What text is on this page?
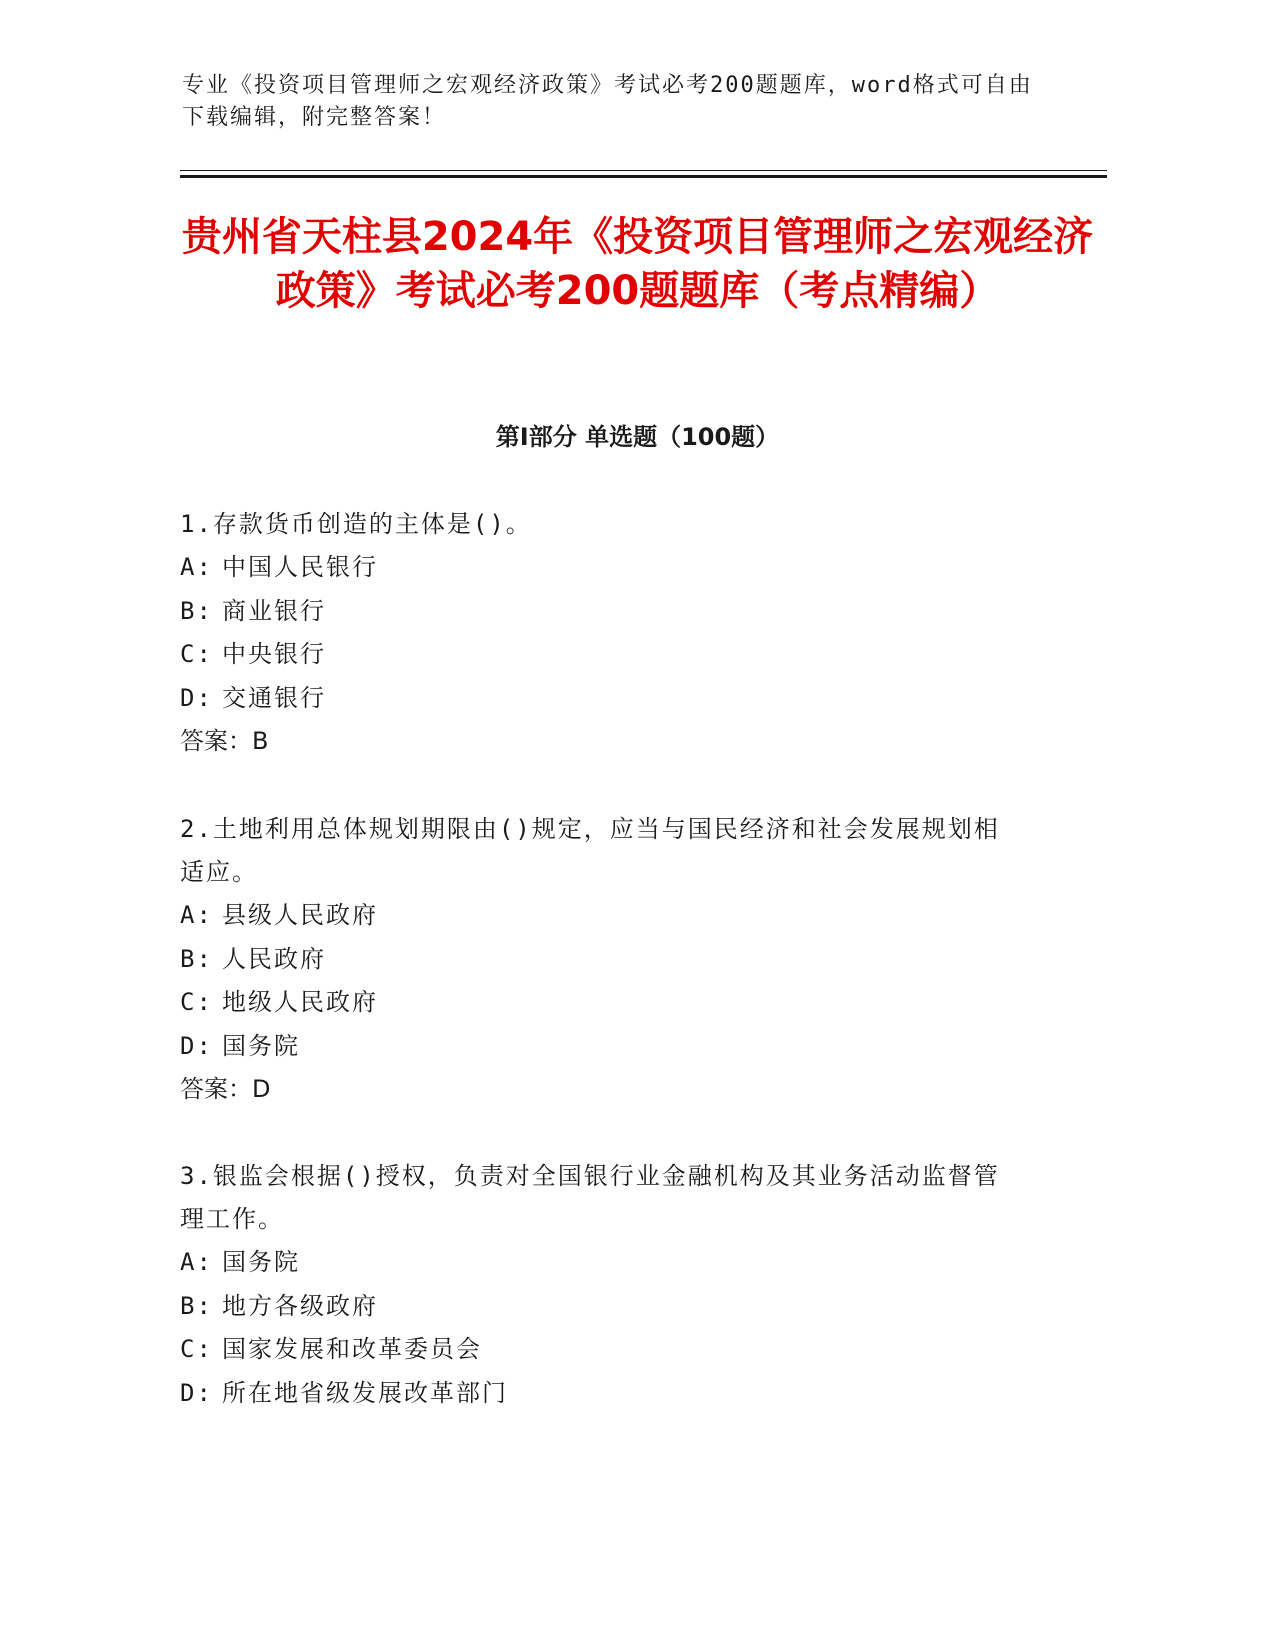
专业《投资项目管理师之宏观经济政策》考试必考200题题库，word格式可自由下载编辑，附完整答案！
贵州省天柱县2024年《投资项目管理师之宏观经济政策》考试必考200题题库（考点精编）
第I部分 单选题（100题）
1.存款货币创造的主体是()。
A: 中国人民银行
B: 商业银行
C: 中央银行
D: 交通银行
答案：B
2.土地利用总体规划期限由()规定，应当与国民经济和社会发展规划相适应。
A: 县级人民政府
B: 人民政府
C: 地级人民政府
D: 国务院
答案：D
3.银监会根据()授权，负责对全国银行业金融机构及其业务活动监督管理工作。
A: 国务院
B: 地方各级政府
C: 国家发展和改革委员会
D: 所在地省级发展改革部门
